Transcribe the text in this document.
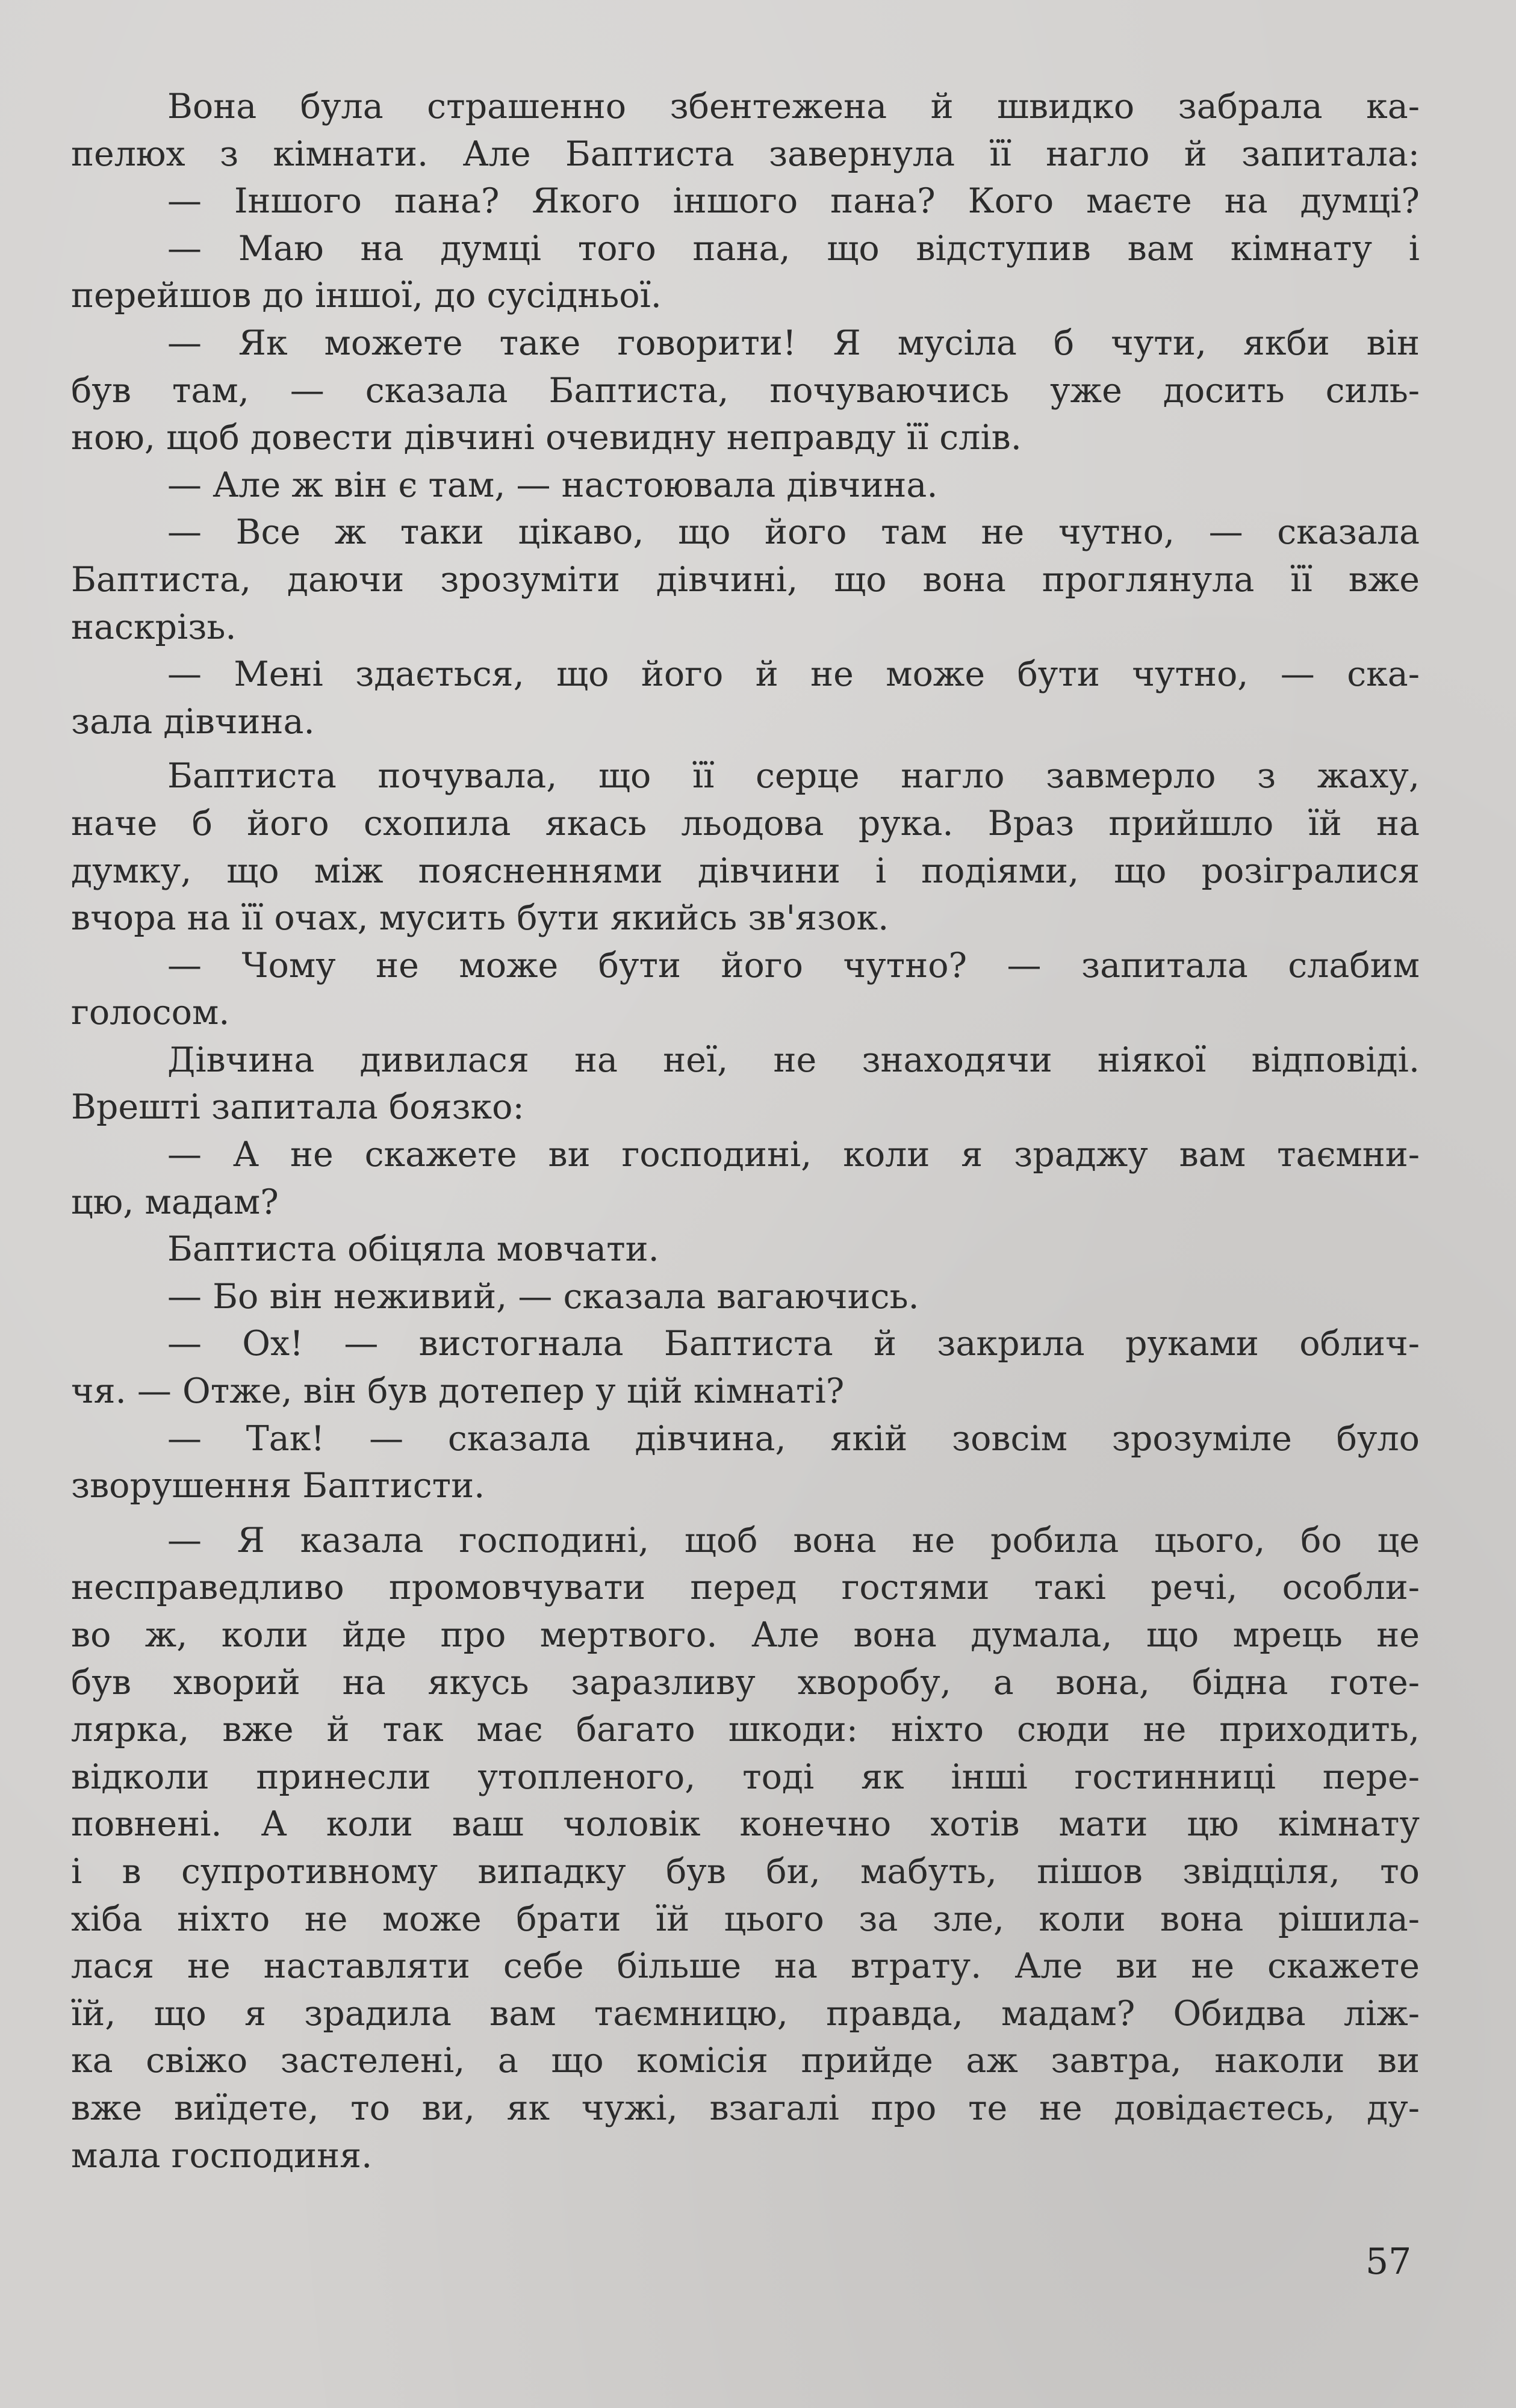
Вона була страшенно збентежена й швидко забрала ка-
пелюх з кімнати. Але Баптиста завернула її нагло й запитала:
— Іншого пана? Якого іншого пана? Кого маєте на думці?
— Маю на думці того пана, що відступив вам кімнату і
перейшов до іншої, до сусідньої.
— Як можете таке говорити! Я мусіла б чути, якби він
був там, — сказала Баптиста, почуваючись уже досить силь-
ною, щоб довести дівчині очевидну неправду її слів.
— Але ж він є там, — настоювала дівчина.
— Все ж таки цікаво, що його там не чутно, — сказала
Баптиста, даючи зрозуміти дівчині, що вона проглянула її вже
наскрізь.
— Мені здається, що його й не може бути чутно, — ска-
зала дівчина.
Баптиста почувала, що її серце нагло завмерло з жаху,
наче б його схопила якась льодова рука. Враз прийшло їй на
думку, що між поясненнями дівчини і подіями, що розігралися
вчора на її очах, мусить бути якийсь зв'язок.
— Чому не може бути його чутно? — запитала слабим
голосом.
Дівчина дивилася на неї, не знаходячи ніякої відповіді.
Врешті запитала боязко:
— А не скажете ви господині, коли я зраджу вам таємни-
цю, мадам?
Баптиста обіцяла мовчати.
— Бо він неживий, — сказала вагаючись.
— Ох! — вистогнала Баптиста й закрила руками облич-
чя. — Отже, він був дотепер у цій кімнаті?
— Так! — сказала дівчина, якій зовсім зрозуміле було
зворушення Баптисти.
— Я казала господині, щоб вона не робила цього, бо це
несправедливо промовчувати перед гостями такі речі, особли-
во ж, коли йде про мертвого. Але вона думала, що мрець не
був хворий на якусь заразливу хворобу, а вона, бідна готе-
лярка, вже й так має багато шкоди: ніхто сюди не приходить,
відколи принесли утопленого, тоді як інші гостинниці пере-
повнені. А коли ваш чоловік конечно хотів мати цю кімнату
і в супротивному випадку був би, мабуть, пішов звідціля, то
хіба ніхто не може брати їй цього за зле, коли вона рішила-
лася не наставляти себе більше на втрату. Але ви не скажете
їй, що я зрадила вам таємницю, правда, мадам? Обидва ліж-
ка свіжо застелені, а що комісія прийде аж завтра, наколи ви
вже виїдете, то ви, як чужі, взагалі про те не довідаєтесь, ду-
мала господиня.
57
